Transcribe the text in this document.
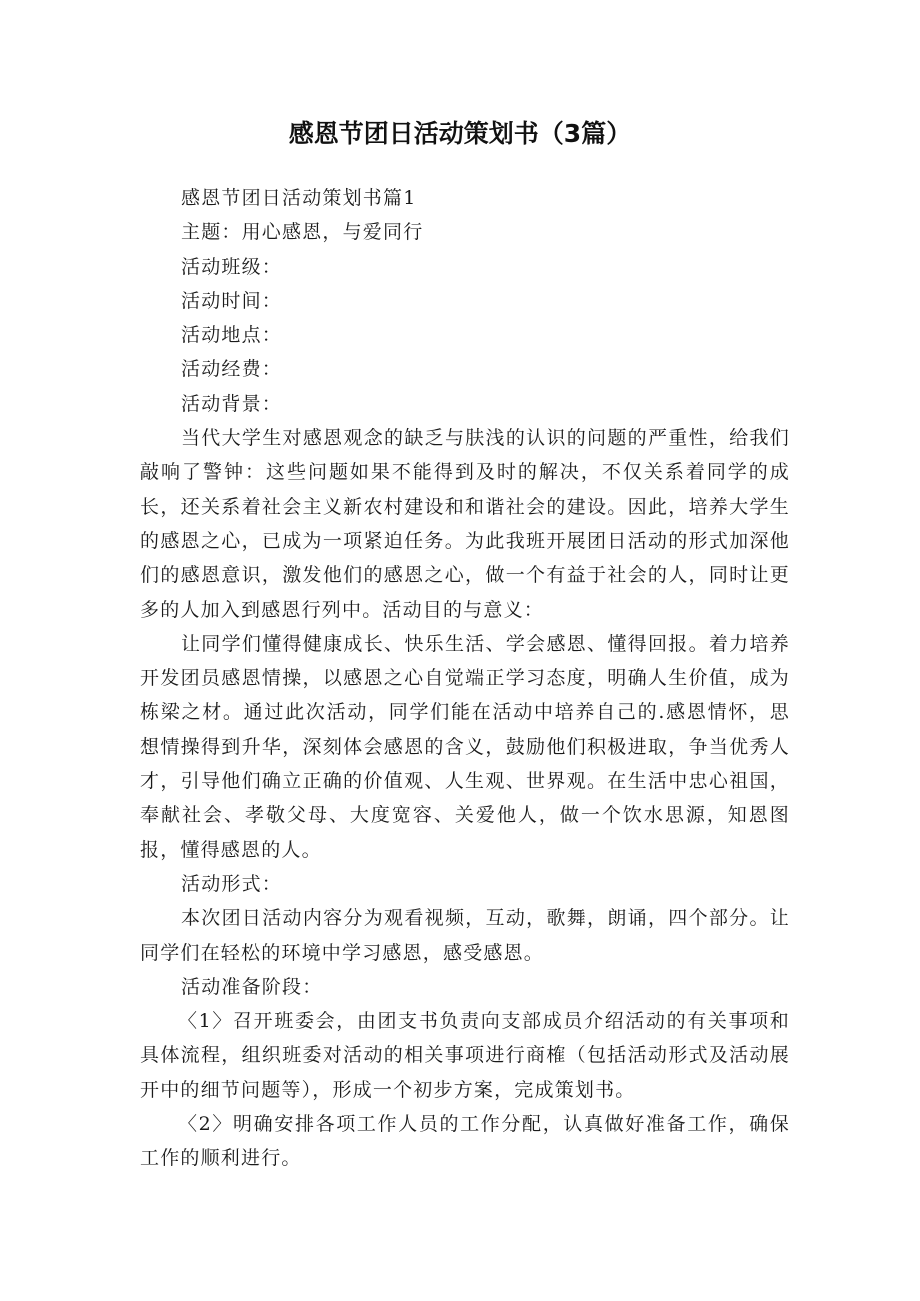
感恩节团日活动策划书（3篇）

感恩节团日活动策划书篇1

主题：用心感恩，与爱同行

活动班级：

活动时间：

活动地点：

活动经费：

活动背景：

当代大学生对感恩观念的缺乏与肤浅的认识的问题的严重性，给我们敲响了警钟：这些问题如果不能得到及时的解决，不仅关系着同学的成长，还关系着社会主义新农村建设和和谐社会的建设。因此，培养大学生的感恩之心，已成为一项紧迫任务。为此我班开展团日活动的形式加深他们的感恩意识，激发他们的感恩之心，做一个有益于社会的人，同时让更多的人加入到感恩行列中。活动目的与意义：

让同学们懂得健康成长、快乐生活、学会感恩、懂得回报。着力培养开发团员感恩情操，以感恩之心自觉端正学习态度，明确人生价值，成为栋梁之材。通过此次活动，同学们能在活动中培养自己的.感恩情怀，思想情操得到升华，深刻体会感恩的含义，鼓励他们积极进取，争当优秀人才，引导他们确立正确的价值观、人生观、世界观。在生活中忠心祖国，奉献社会、孝敬父母、大度宽容、关爱他人，做一个饮水思源，知恩图报，懂得感恩的人。

活动形式：

本次团日活动内容分为观看视频，互动，歌舞，朗诵，四个部分。让同学们在轻松的环境中学习感恩，感受感恩。

活动准备阶段：

〈1〉召开班委会，由团支书负责向支部成员介绍活动的有关事项和具体流程，组织班委对活动的相关事项进行商榷（包括活动形式及活动展开中的细节问题等），形成一个初步方案，完成策划书。

〈2〉明确安排各项工作人员的工作分配，认真做好准备工作，确保工作的顺利进行。
